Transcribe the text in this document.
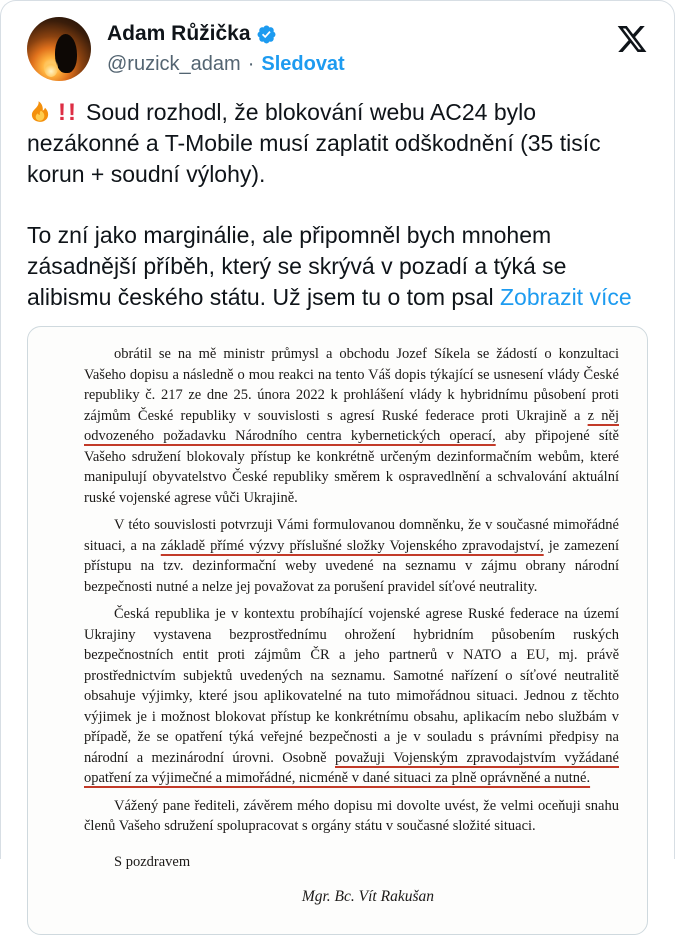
Adam Růžička
@ruzick_adam · Sledovat

!! Soud rozhodl, že blokování webu AC24 bylo nezákonné a T-Mobile musí zaplatit odškodnění (35 tisíc korun + soudní výlohy).

To zní jako marginálie, ale připomněl bych mnohem zásadnější příběh, který se skrývá v pozadí a týká se alibismu českého státu. Už jsem tu o tom psal Zobrazit více

obrátil se na mě ministr průmysl a obchodu Jozef Síkela se žádostí o konzultaci Vašeho dopisu a následně o mou reakci na tento Váš dopis týkající se usnesení vlády České republiky č. 217 ze dne 25. února 2022 k prohlášení vlády k hybridnímu působení proti zájmům České republiky v souvislosti s agresí Ruské federace proti Ukrajině a z něj odvozeného požadavku Národního centra kybernetických operací, aby připojené sítě Vašeho sdružení blokovaly přístup ke konkrétně určeným dezinformačním webům, které manipulují obyvatelstvo České republiky směrem k ospravedlnění a schvalování aktuální ruské vojenské agrese vůči Ukrajině.

V této souvislosti potvrzuji Vámi formulovanou domněnku, že v současné mimořádné situaci, a na základě přímé výzvy příslušné složky Vojenského zpravodajství, je zamezení přístupu na tzv. dezinformační weby uvedené na seznamu v zájmu obrany národní bezpečnosti nutné a nelze jej považovat za porušení pravidel síťové neutrality.

Česká republika je v kontextu probíhající vojenské agrese Ruské federace na území Ukrajiny vystavena bezprostřednímu ohrožení hybridním působením ruských bezpečnostních entit proti zájmům ČR a jeho partnerů v NATO a EU, mj. právě prostřednictvím subjektů uvedených na seznamu. Samotné nařízení o síťové neutralitě obsahuje výjimky, které jsou aplikovatelné na tuto mimořádnou situaci. Jednou z těchto výjimek je i možnost blokovat přístup ke konkrétnímu obsahu, aplikacím nebo službám v případě, že se opatření týká veřejné bezpečnosti a je v souladu s právními předpisy na národní a mezinárodní úrovni. Osobně považuji Vojenským zpravodajstvím vyžádané opatření za výjimečné a mimořádné, nicméně v dané situaci za plně oprávněné a nutné.

Vážený pane řediteli, závěrem mého dopisu mi dovolte uvést, že velmi oceňuji snahu členů Vašeho sdružení spolupracovat s orgány státu v současné složité situaci.

S pozdravem

Mgr. Bc. Vít Rakušan
